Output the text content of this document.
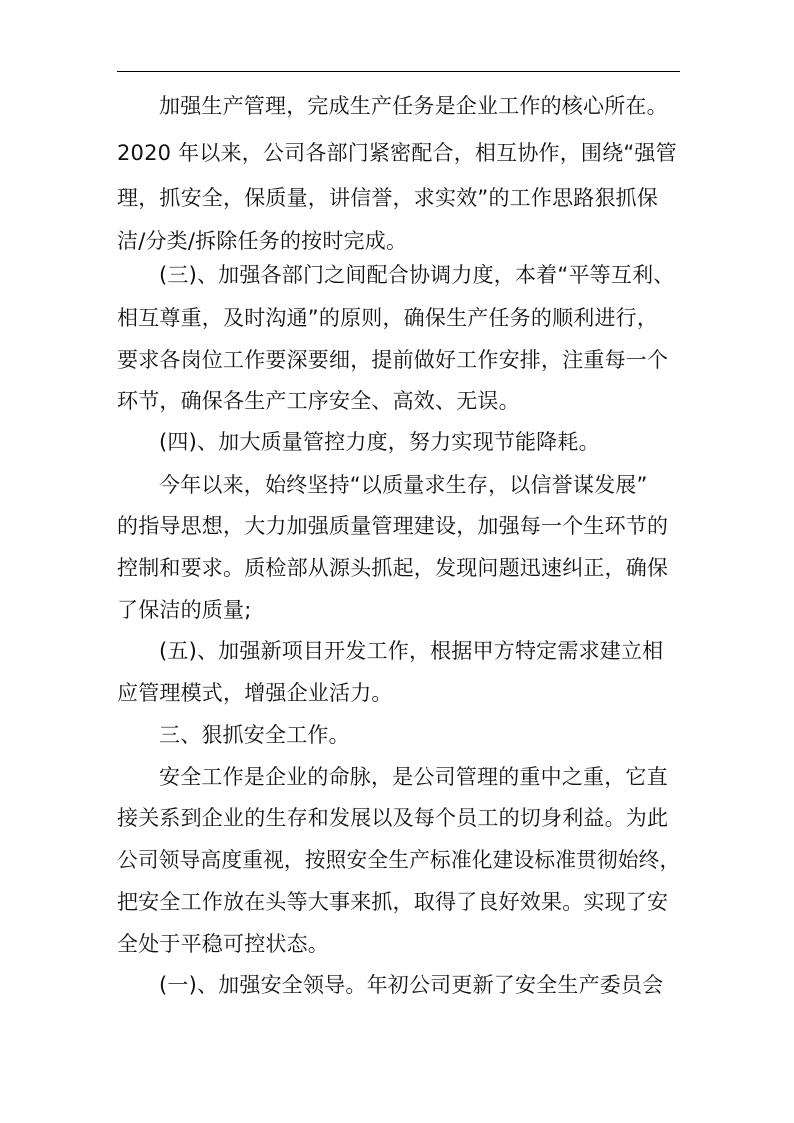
加强生产管理，完成生产任务是企业工作的核心所在。
2020 年以来，公司各部门紧密配合，相互协作，围绕“强管
理，抓安全，保质量，讲信誉，求实效”的工作思路狠抓保
洁/分类/拆除任务的按时完成。
(三)、加强各部门之间配合协调力度，本着“平等互利、
相互尊重，及时沟通”的原则，确保生产任务的顺利进行，
要求各岗位工作要深要细，提前做好工作安排，注重每一个
环节，确保各生产工序安全、高效、无误。
(四)、加大质量管控力度，努力实现节能降耗。
今年以来，始终坚持“以质量求生存，以信誉谋发展”
的指导思想，大力加强质量管理建设，加强每一个生环节的
控制和要求。质检部从源头抓起，发现问题迅速纠正，确保
了保洁的质量;
(五)、加强新项目开发工作，根据甲方特定需求建立相
应管理模式，增强企业活力。
三、狠抓安全工作。
安全工作是企业的命脉，是公司管理的重中之重，它直
接关系到企业的生存和发展以及每个员工的切身利益。为此
公司领导高度重视，按照安全生产标准化建设标准贯彻始终，
把安全工作放在头等大事来抓，取得了良好效果。实现了安
全处于平稳可控状态。
(一)、加强安全领导。年初公司更新了安全生产委员会
